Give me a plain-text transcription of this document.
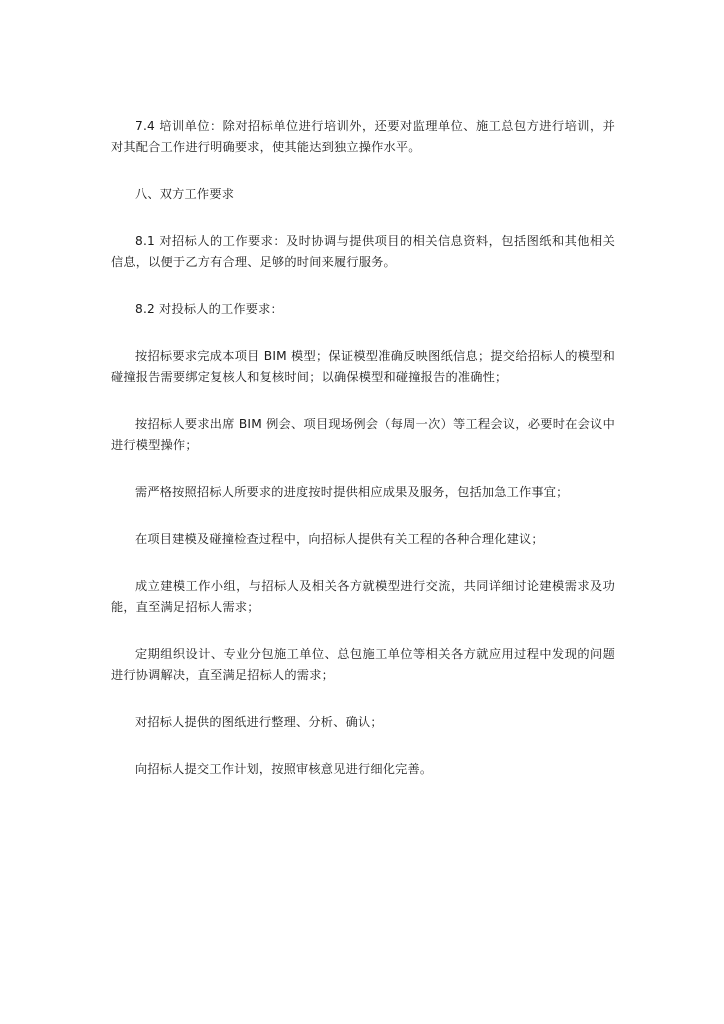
7.4 培训单位：除对招标单位进行培训外，还要对监理单位、施工总包方进行培训，并对其配合工作进行明确要求，使其能达到独立操作水平。

八、双方工作要求

8.1 对招标人的工作要求：及时协调与提供项目的相关信息资料，包括图纸和其他相关信息，以便于乙方有合理、足够的时间来履行服务。

8.2 对投标人的工作要求：

按招标要求完成本项目 BIM 模型；保证模型准确反映图纸信息；提交给招标人的模型和碰撞报告需要绑定复核人和复核时间；以确保模型和碰撞报告的准确性；

按招标人要求出席 BIM 例会、项目现场例会（每周一次）等工程会议，必要时在会议中进行模型操作；

需严格按照招标人所要求的进度按时提供相应成果及服务，包括加急工作事宜；

在项目建模及碰撞检查过程中，向招标人提供有关工程的各种合理化建议；

成立建模工作小组，与招标人及相关各方就模型进行交流，共同详细讨论建模需求及功能，直至满足招标人需求；

定期组织设计、专业分包施工单位、总包施工单位等相关各方就应用过程中发现的问题进行协调解决，直至满足招标人的需求；

对招标人提供的图纸进行整理、分析、确认；

向招标人提交工作计划，按照审核意见进行细化完善。
